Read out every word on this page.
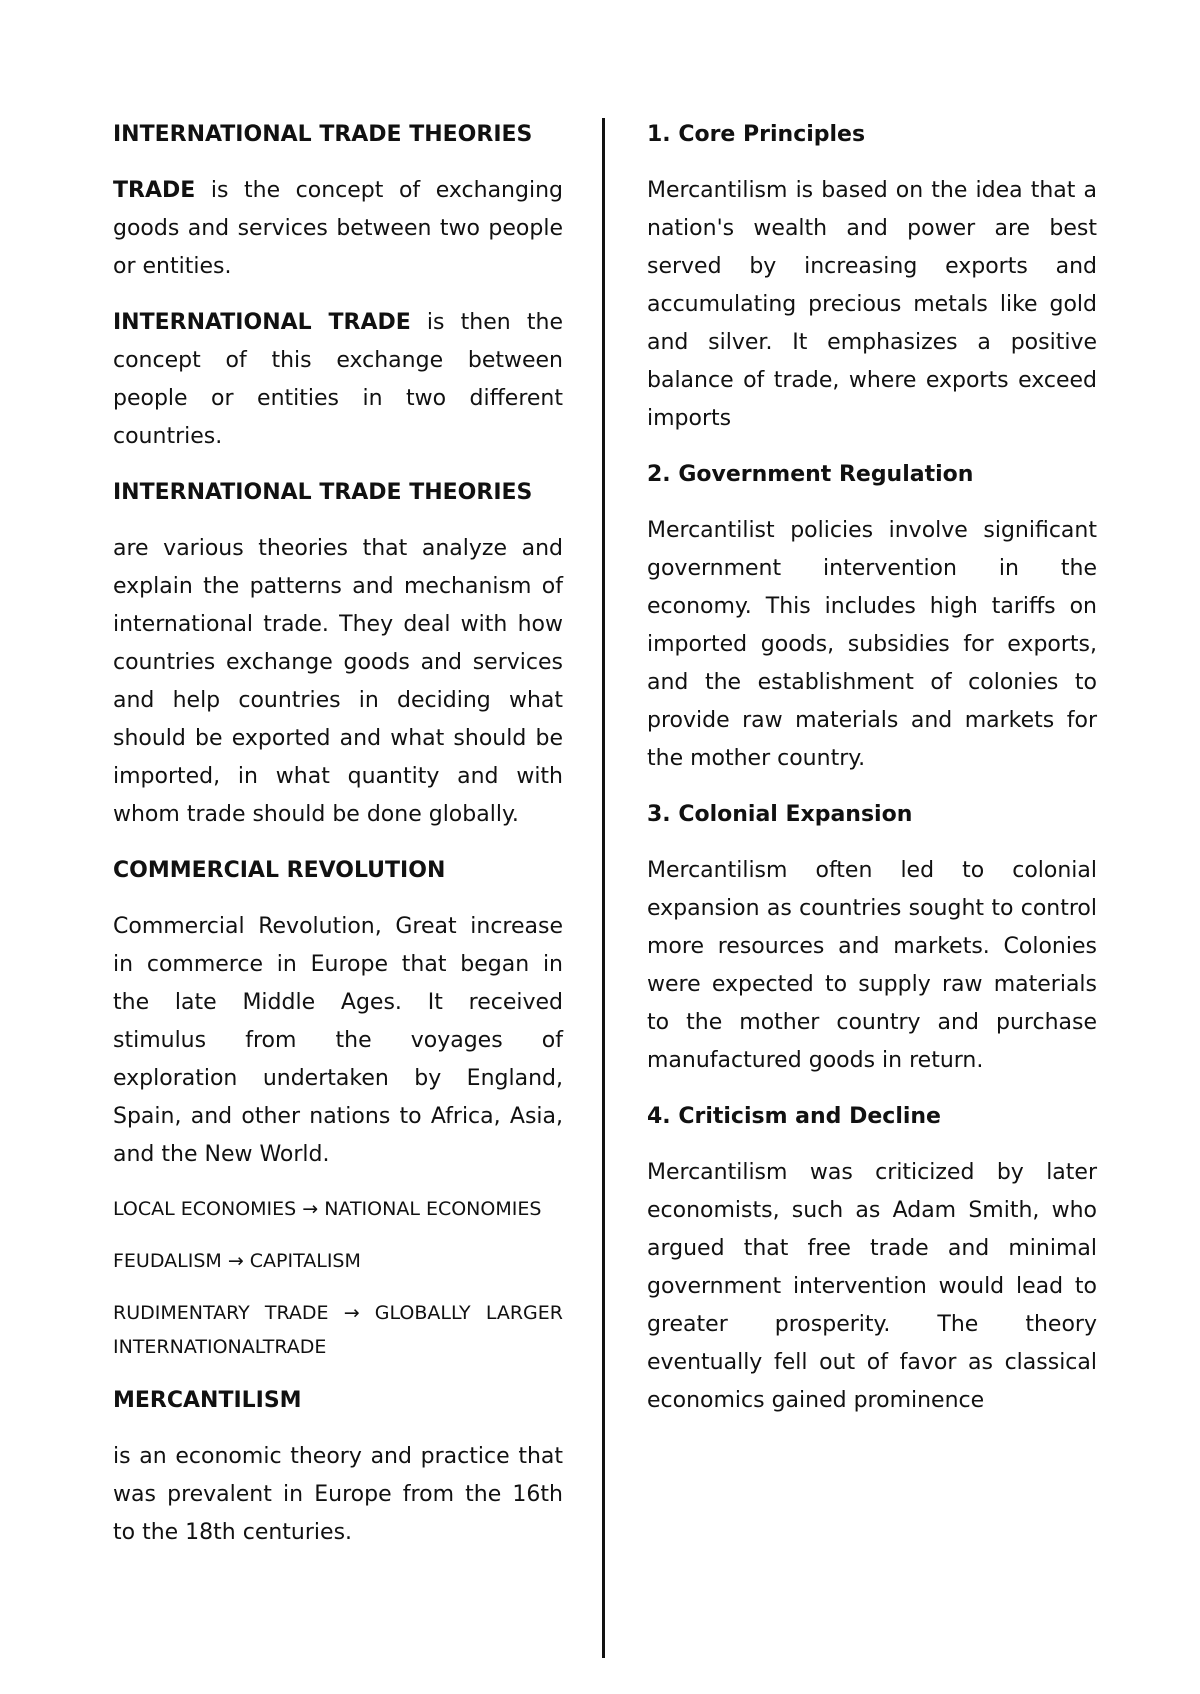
INTERNATIONAL TRADE THEORIES

TRADE is the concept of exchanging goods and services between two people or entities.

INTERNATIONAL TRADE is then the concept of this exchange between people or entities in two different countries.

INTERNATIONAL TRADE THEORIES

are various theories that analyze and explain the patterns and mechanism of international trade. They deal with how countries exchange goods and services and help countries in deciding what should be exported and what should be imported, in what quantity and with whom trade should be done globally.

COMMERCIAL REVOLUTION

Commercial Revolution, Great increase in commerce in Europe that began in the late Middle Ages. It received stimulus from the voyages of exploration undertaken by England, Spain, and other nations to Africa, Asia, and the New World.

LOCAL ECONOMIES → NATIONAL ECONOMIES

FEUDALISM → CAPITALISM

RUDIMENTARY TRADE → GLOBALLY LARGER INTERNATIONALTRADE

MERCANTILISM

is an economic theory and practice that was prevalent in Europe from the 16th to the 18th centuries.

1. Core Principles

Mercantilism is based on the idea that a nation's wealth and power are best served by increasing exports and accumulating precious metals like gold and silver. It emphasizes a positive balance of trade, where exports exceed imports

2. Government Regulation

Mercantilist policies involve significant government intervention in the economy. This includes high tariffs on imported goods, subsidies for exports, and the establishment of colonies to provide raw materials and markets for the mother country.

3. Colonial Expansion

Mercantilism often led to colonial expansion as countries sought to control more resources and markets. Colonies were expected to supply raw materials to the mother country and purchase manufactured goods in return.

4. Criticism and Decline

Mercantilism was criticized by later economists, such as Adam Smith, who argued that free trade and minimal government intervention would lead to greater prosperity. The theory eventually fell out of favor as classical economics gained prominence
